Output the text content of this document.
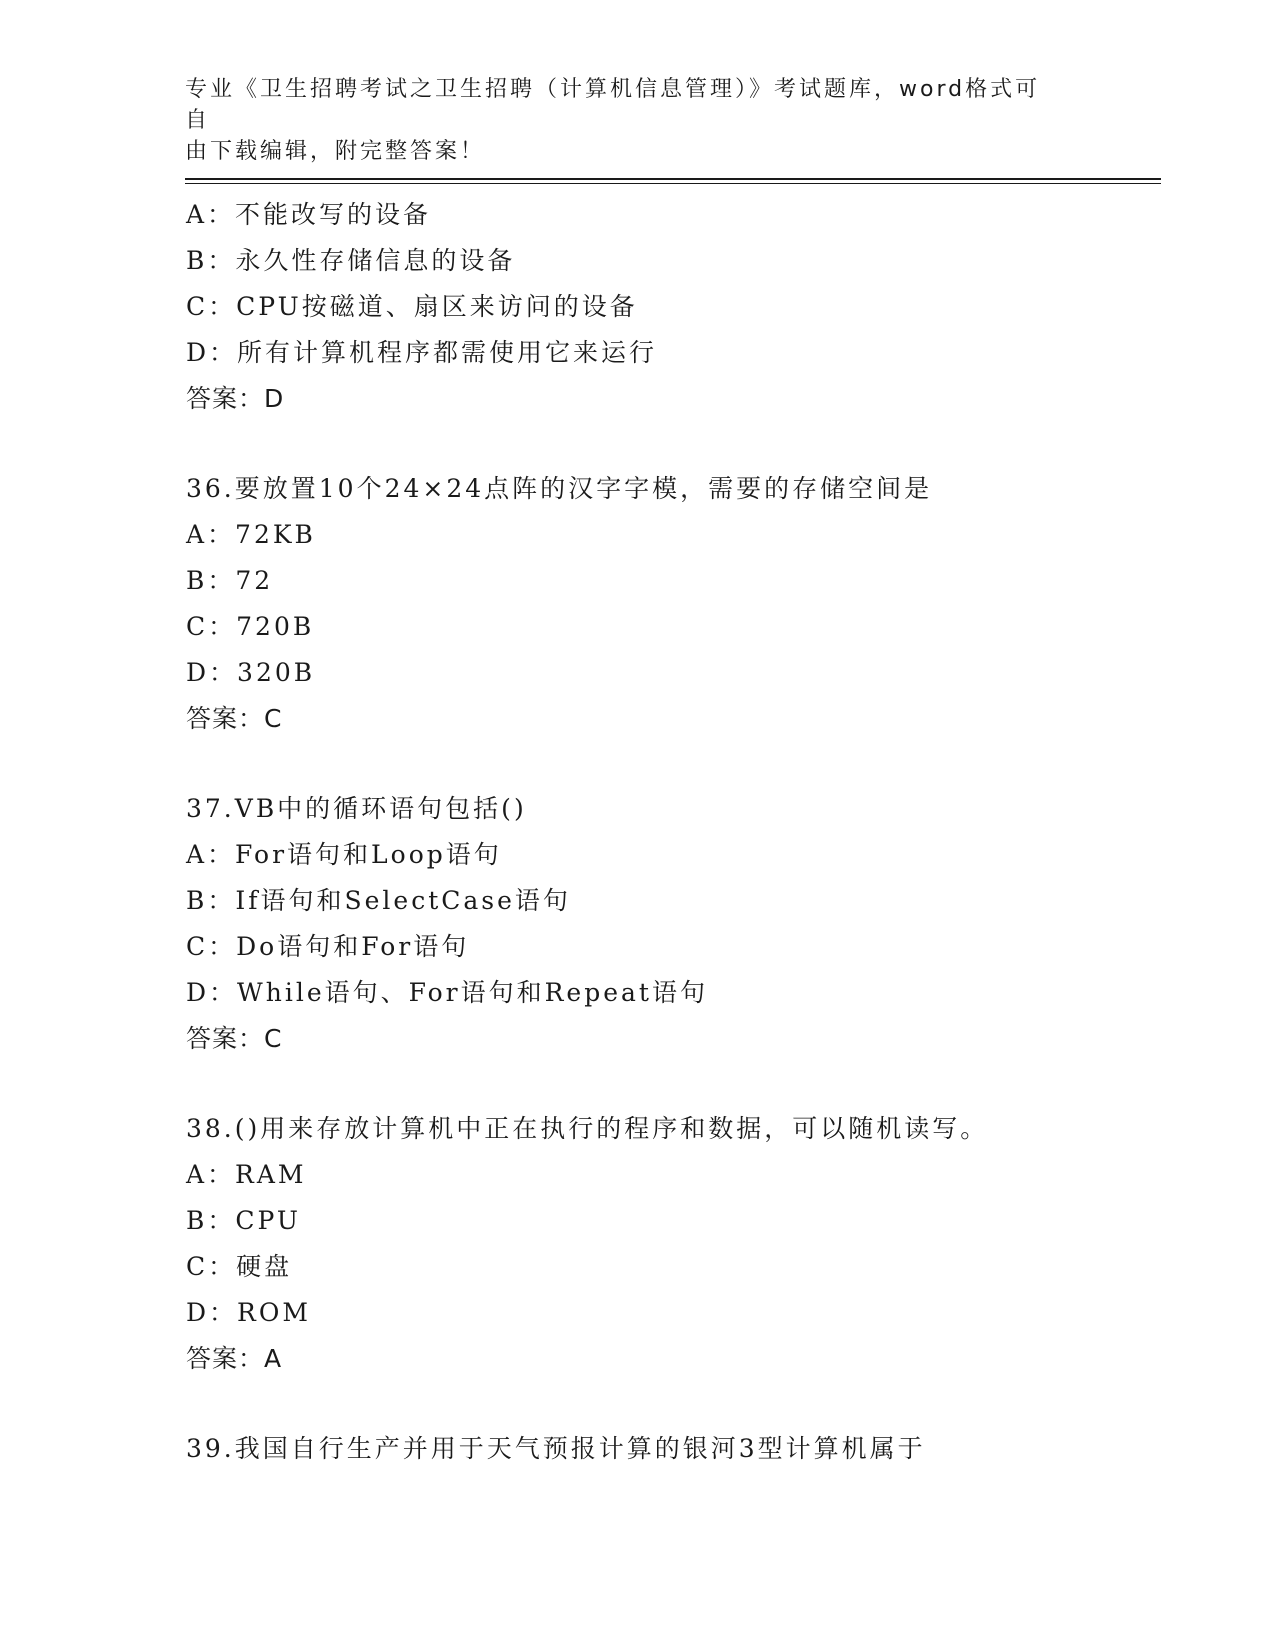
专业《卫生招聘考试之卫生招聘（计算机信息管理）》考试题库，word格式可自
由下载编辑，附完整答案！
A：不能改写的设备
B：永久性存储信息的设备
C：CPU按磁道、扇区来访问的设备
D：所有计算机程序都需使用它来运行
答案：D
36.要放置10个24×24点阵的汉字字模，需要的存储空间是
A：72KB
B：72
C：720B
D：320B
答案：C
37.VB中的循环语句包括()
A：For语句和Loop语句
B：If语句和SelectCase语句
C：Do语句和For语句
D：While语句、For语句和Repeat语句
答案：C
38.()用来存放计算机中正在执行的程序和数据，可以随机读写。
A：RAM
B：CPU
C：硬盘
D：ROM
答案：A
39.我国自行生产并用于天气预报计算的银河3型计算机属于
